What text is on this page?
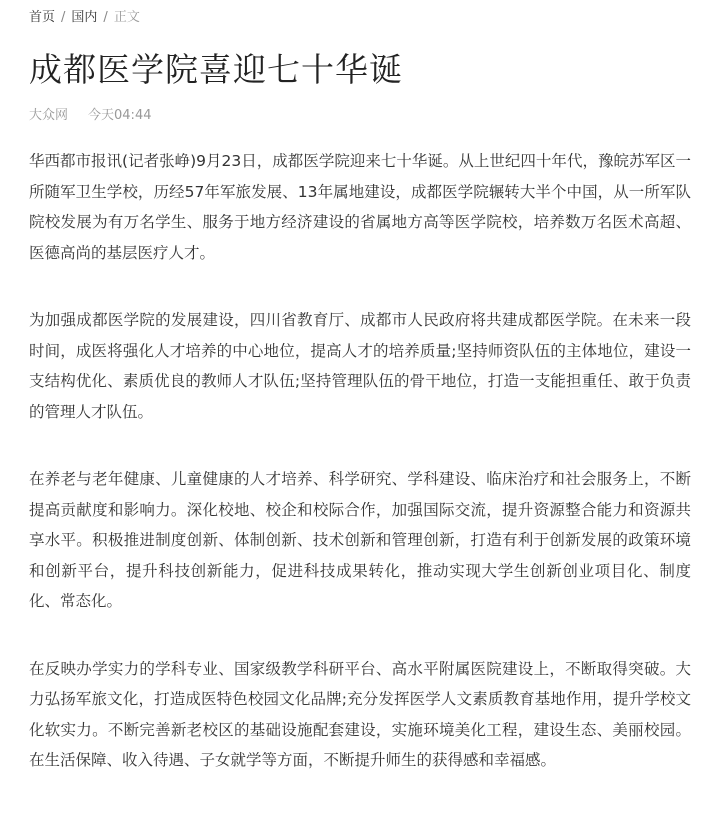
首页 / 国内 / 正文
成都医学院喜迎七十华诞
大众网 今天04:44

华西都市报讯(记者张峥)9月23日，成都医学院迎来七十华诞。从上世纪四十年代，豫皖苏军区一所随军卫生学校，历经57年军旅发展、13年属地建设，成都医学院辗转大半个中国，从一所军队院校发展为有万名学生、服务于地方经济建设的省属地方高等医学院校，培养数万名医术高超、医德高尚的基层医疗人才。

为加强成都医学院的发展建设，四川省教育厅、成都市人民政府将共建成都医学院。在未来一段时间，成医将强化人才培养的中心地位，提高人才的培养质量;坚持师资队伍的主体地位，建设一支结构优化、素质优良的教师人才队伍;坚持管理队伍的骨干地位，打造一支能担重任、敢于负责的管理人才队伍。

在养老与老年健康、儿童健康的人才培养、科学研究、学科建设、临床治疗和社会服务上，不断提高贡献度和影响力。深化校地、校企和校际合作，加强国际交流，提升资源整合能力和资源共享水平。积极推进制度创新、体制创新、技术创新和管理创新，打造有利于创新发展的政策环境和创新平台，提升科技创新能力，促进科技成果转化，推动实现大学生创新创业项目化、制度化、常态化。

在反映办学实力的学科专业、国家级教学科研平台、高水平附属医院建设上，不断取得突破。大力弘扬军旅文化，打造成医特色校园文化品牌;充分发挥医学人文素质教育基地作用，提升学校文化软实力。不断完善新老校区的基础设施配套建设，实施环境美化工程，建设生态、美丽校园。在生活保障、收入待遇、子女就学等方面，不断提升师生的获得感和幸福感。
